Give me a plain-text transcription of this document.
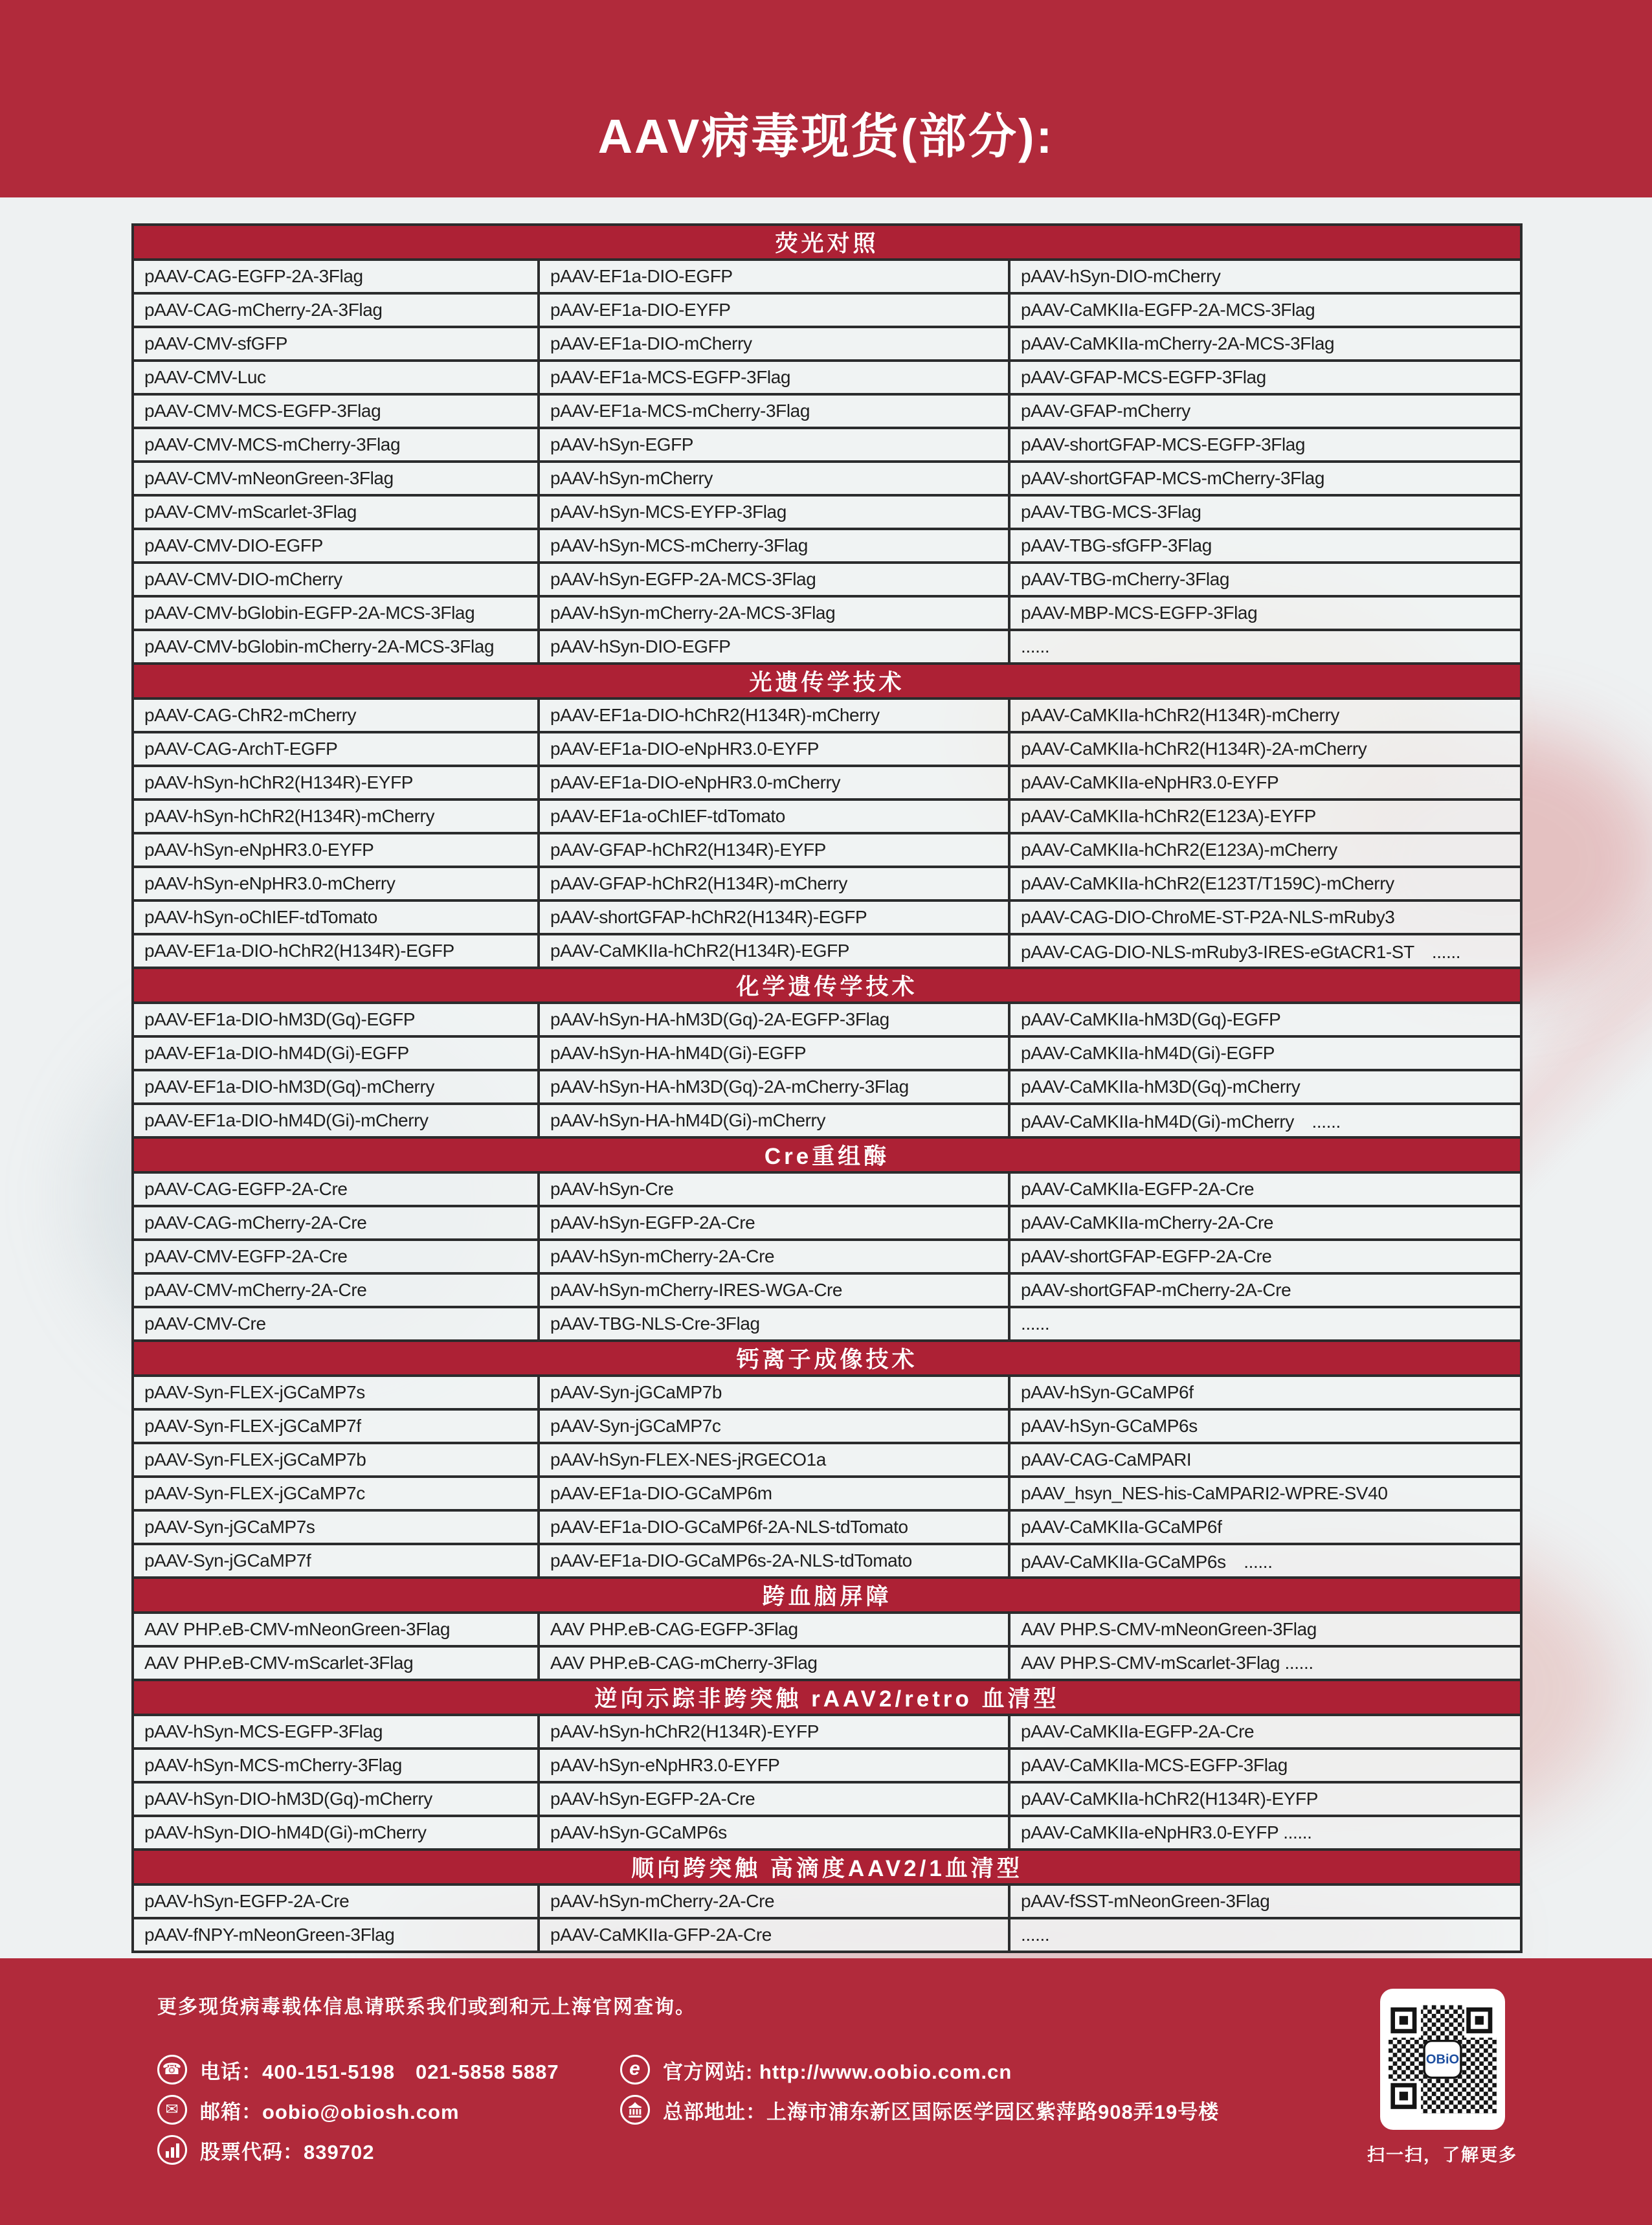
AAV病毒现货(部分):
荧光对照		
pAAV-CAG-EGFP-2A-3Flag	pAAV-EF1a-DIO-EGFP	pAAV-hSyn-DIO-mCherry
pAAV-CAG-mCherry-2A-3Flag	pAAV-EF1a-DIO-EYFP	pAAV-CaMKIIa-EGFP-2A-MCS-3Flag
pAAV-CMV-sfGFP	pAAV-EF1a-DIO-mCherry	pAAV-CaMKIIa-mCherry-2A-MCS-3Flag
pAAV-CMV-Luc	pAAV-EF1a-MCS-EGFP-3Flag	pAAV-GFAP-MCS-EGFP-3Flag
pAAV-CMV-MCS-EGFP-3Flag	pAAV-EF1a-MCS-mCherry-3Flag	pAAV-GFAP-mCherry
pAAV-CMV-MCS-mCherry-3Flag	pAAV-hSyn-EGFP	pAAV-shortGFAP-MCS-EGFP-3Flag
pAAV-CMV-mNeonGreen-3Flag	pAAV-hSyn-mCherry	pAAV-shortGFAP-MCS-mCherry-3Flag
pAAV-CMV-mScarlet-3Flag	pAAV-hSyn-MCS-EYFP-3Flag	pAAV-TBG-MCS-3Flag
pAAV-CMV-DIO-EGFP	pAAV-hSyn-MCS-mCherry-3Flag	pAAV-TBG-sfGFP-3Flag
pAAV-CMV-DIO-mCherry	pAAV-hSyn-EGFP-2A-MCS-3Flag	pAAV-TBG-mCherry-3Flag
pAAV-CMV-bGlobin-EGFP-2A-MCS-3Flag	pAAV-hSyn-mCherry-2A-MCS-3Flag	pAAV-MBP-MCS-EGFP-3Flag
pAAV-CMV-bGlobin-mCherry-2A-MCS-3Flag	pAAV-hSyn-DIO-EGFP	......
光遗传学技术		
pAAV-CAG-ChR2-mCherry	pAAV-EF1a-DIO-hChR2(H134R)-mCherry	pAAV-CaMKIIa-hChR2(H134R)-mCherry
pAAV-CAG-ArchT-EGFP	pAAV-EF1a-DIO-eNpHR3.0-EYFP	pAAV-CaMKIIa-hChR2(H134R)-2A-mCherry
pAAV-hSyn-hChR2(H134R)-EYFP	pAAV-EF1a-DIO-eNpHR3.0-mCherry	pAAV-CaMKIIa-eNpHR3.0-EYFP
pAAV-hSyn-hChR2(H134R)-mCherry	pAAV-EF1a-oChIEF-tdTomato	pAAV-CaMKIIa-hChR2(E123A)-EYFP
pAAV-hSyn-eNpHR3.0-EYFP	pAAV-GFAP-hChR2(H134R)-EYFP	pAAV-CaMKIIa-hChR2(E123A)-mCherry
pAAV-hSyn-eNpHR3.0-mCherry	pAAV-GFAP-hChR2(H134R)-mCherry	pAAV-CaMKIIa-hChR2(E123T/T159C)-mCherry
pAAV-hSyn-oChIEF-tdTomato	pAAV-shortGFAP-hChR2(H134R)-EGFP	pAAV-CAG-DIO-ChroME-ST-P2A-NLS-mRuby3
pAAV-EF1a-DIO-hChR2(H134R)-EGFP	pAAV-CaMKIIa-hChR2(H134R)-EGFP	pAAV-CAG-DIO-NLS-mRuby3-IRES-eGtACR1-ST　......
化学遗传学技术		
pAAV-EF1a-DIO-hM3D(Gq)-EGFP	pAAV-hSyn-HA-hM3D(Gq)-2A-EGFP-3Flag	pAAV-CaMKIIa-hM3D(Gq)-EGFP
pAAV-EF1a-DIO-hM4D(Gi)-EGFP	pAAV-hSyn-HA-hM4D(Gi)-EGFP	pAAV-CaMKIIa-hM4D(Gi)-EGFP
pAAV-EF1a-DIO-hM3D(Gq)-mCherry	pAAV-hSyn-HA-hM3D(Gq)-2A-mCherry-3Flag	pAAV-CaMKIIa-hM3D(Gq)-mCherry
pAAV-EF1a-DIO-hM4D(Gi)-mCherry	pAAV-hSyn-HA-hM4D(Gi)-mCherry	pAAV-CaMKIIa-hM4D(Gi)-mCherry　......
Cre重组酶		
pAAV-CAG-EGFP-2A-Cre	pAAV-hSyn-Cre	pAAV-CaMKIIa-EGFP-2A-Cre
pAAV-CAG-mCherry-2A-Cre	pAAV-hSyn-EGFP-2A-Cre	pAAV-CaMKIIa-mCherry-2A-Cre
pAAV-CMV-EGFP-2A-Cre	pAAV-hSyn-mCherry-2A-Cre	pAAV-shortGFAP-EGFP-2A-Cre
pAAV-CMV-mCherry-2A-Cre	pAAV-hSyn-mCherry-IRES-WGA-Cre	pAAV-shortGFAP-mCherry-2A-Cre
pAAV-CMV-Cre	pAAV-TBG-NLS-Cre-3Flag	......
钙离子成像技术		
pAAV-Syn-FLEX-jGCaMP7s	pAAV-Syn-jGCaMP7b	pAAV-hSyn-GCaMP6f
pAAV-Syn-FLEX-jGCaMP7f	pAAV-Syn-jGCaMP7c	pAAV-hSyn-GCaMP6s
pAAV-Syn-FLEX-jGCaMP7b	pAAV-hSyn-FLEX-NES-jRGECO1a	pAAV-CAG-CaMPARI
pAAV-Syn-FLEX-jGCaMP7c	pAAV-EF1a-DIO-GCaMP6m	pAAV_hsyn_NES-his-CaMPARI2-WPRE-SV40
pAAV-Syn-jGCaMP7s	pAAV-EF1a-DIO-GCaMP6f-2A-NLS-tdTomato	pAAV-CaMKIIa-GCaMP6f
pAAV-Syn-jGCaMP7f	pAAV-EF1a-DIO-GCaMP6s-2A-NLS-tdTomato	pAAV-CaMKIIa-GCaMP6s　......
跨血脑屏障		
AAV PHP.eB-CMV-mNeonGreen-3Flag	AAV PHP.eB-CAG-EGFP-3Flag	AAV PHP.S-CMV-mNeonGreen-3Flag
AAV PHP.eB-CMV-mScarlet-3Flag	AAV PHP.eB-CAG-mCherry-3Flag	AAV PHP.S-CMV-mScarlet-3Flag ......
逆向示踪非跨突触 rAAV2/retro 血清型		
pAAV-hSyn-MCS-EGFP-3Flag	pAAV-hSyn-hChR2(H134R)-EYFP	pAAV-CaMKIIa-EGFP-2A-Cre
pAAV-hSyn-MCS-mCherry-3Flag	pAAV-hSyn-eNpHR3.0-EYFP	pAAV-CaMKIIa-MCS-EGFP-3Flag
pAAV-hSyn-DIO-hM3D(Gq)-mCherry	pAAV-hSyn-EGFP-2A-Cre	pAAV-CaMKIIa-hChR2(H134R)-EYFP
pAAV-hSyn-DIO-hM4D(Gi)-mCherry	pAAV-hSyn-GCaMP6s	pAAV-CaMKIIa-eNpHR3.0-EYFP ......
顺向跨突触 高滴度AAV2/1血清型		
pAAV-hSyn-EGFP-2A-Cre	pAAV-hSyn-mCherry-2A-Cre	pAAV-fSST-mNeonGreen-3Flag
pAAV-fNPY-mNeonGreen-3Flag	pAAV-CaMKIIa-GFP-2A-Cre	......

更多现货病毒载体信息请联系我们或到和元上海官网查询。

☎ 电话：400-151-5198　021-5858 5887
✉	邮箱：oobio@obiosh.com
股票代码：839702
e 官方网站: http://www.oobio.com.cn
总部地址：上海市浦东新区国际医学园区紫萍路908弄19号楼
OBiO

扫一扫，了解更多
